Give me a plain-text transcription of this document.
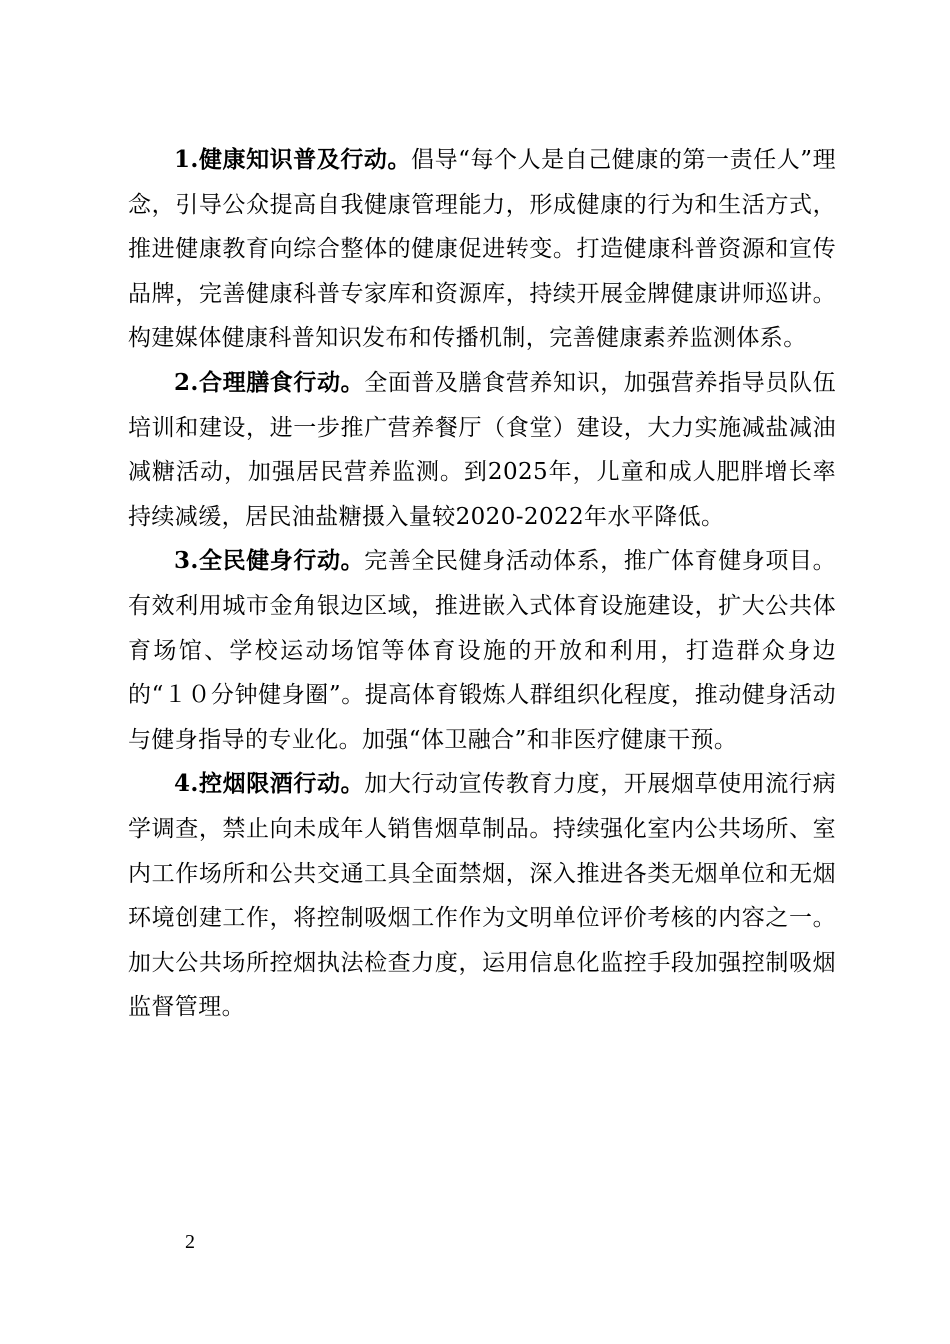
1.健康知识普及行动。倡导“每个人是自己健康的第一责任人”理念，引导公众提高自我健康管理能力，形成健康的行为和生活方式，推进健康教育向综合整体的健康促进转变。打造健康科普资源和宣传品牌，完善健康科普专家库和资源库，持续开展金牌健康讲师巡讲。构建媒体健康科普知识发布和传播机制，完善健康素养监测体系。

2.合理膳食行动。全面普及膳食营养知识，加强营养指导员队伍培训和建设，进一步推广营养餐厅（食堂）建设，大力实施减盐减油减糖活动，加强居民营养监测。到2025年，儿童和成人肥胖增长率持续减缓，居民油盐糖摄入量较2020-2022年水平降低。

3.全民健身行动。完善全民健身活动体系，推广体育健身项目。有效利用城市金角银边区域，推进嵌入式体育设施建设，扩大公共体育场馆、学校运动场馆等体育设施的开放和利用，打造群众身边的“１０分钟健身圈”。提高体育锻炼人群组织化程度，推动健身活动与健身指导的专业化。加强“体卫融合”和非医疗健康干预。

4.控烟限酒行动。加大行动宣传教育力度，开展烟草使用流行病学调查，禁止向未成年人销售烟草制品。持续强化室内公共场所、室内工作场所和公共交通工具全面禁烟，深入推进各类无烟单位和无烟环境创建工作，将控制吸烟工作作为文明单位评价考核的内容之一。加大公共场所控烟执法检查力度，运用信息化监控手段加强控制吸烟监督管理。

2
